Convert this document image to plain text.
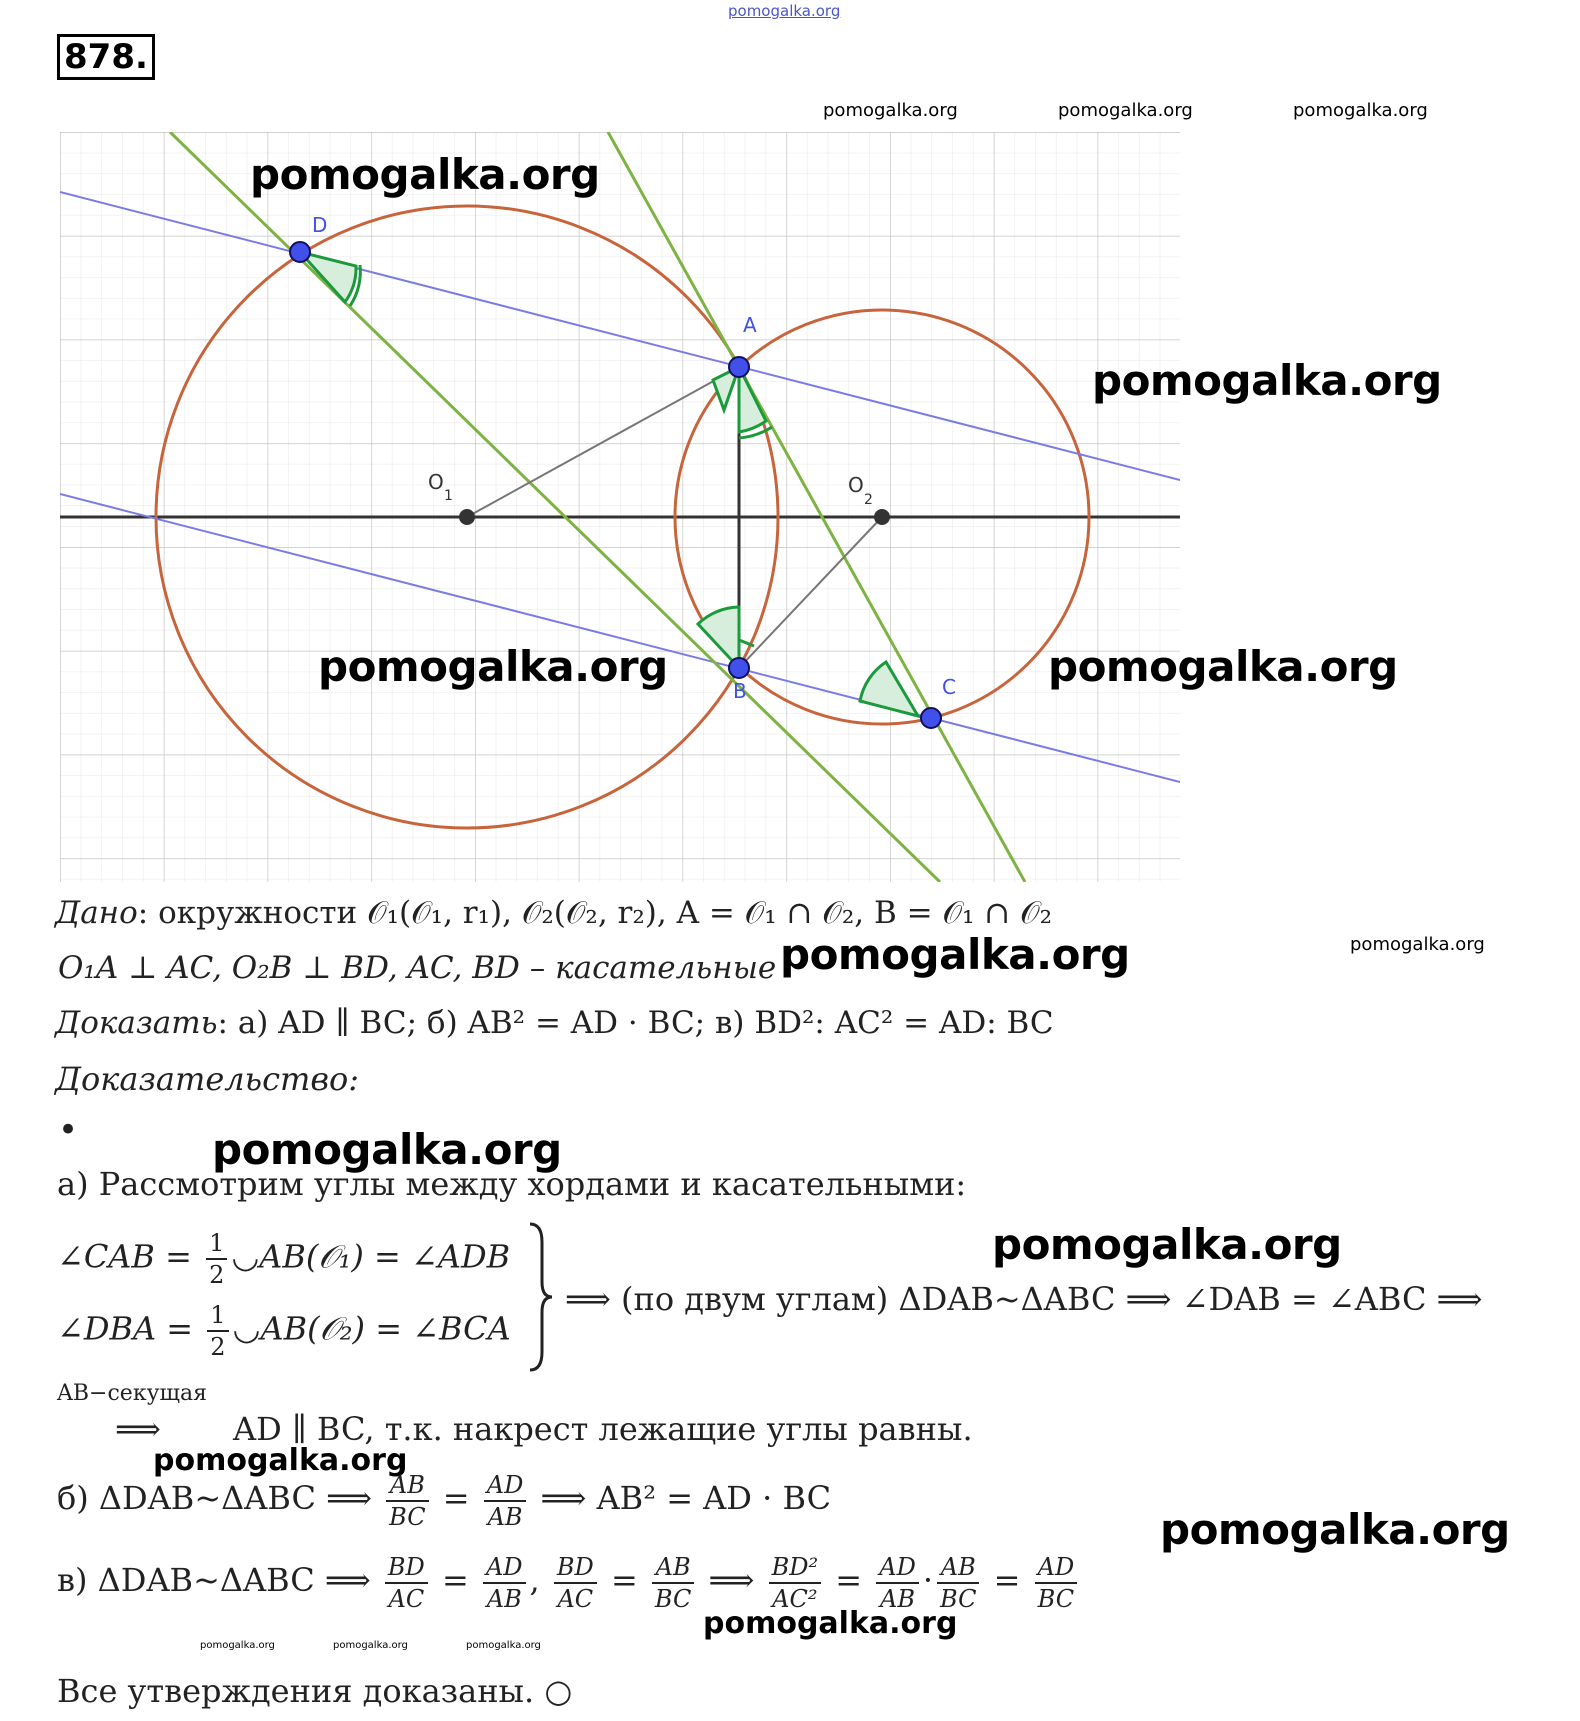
pomogalka.org
878.
pomogalka.org	pomogalka.org	pomogalka.org
D
A
B	C
O
1	O
2
pomogalka.org
pomogalka.org
pomogalka.org	pomogalka.org
Дано: окружности 𝒪₁(𝒪₁, r₁), 𝒪₂(𝒪₂, r₂), A = 𝒪₁ ∩ 𝒪₂, B = 𝒪₁ ∩ 𝒪₂
O₁A ⊥ AC, O₂B ⊥ BD, AC, BD – касательные pomogalka.org	pomogalka.org
Доказать: а) AD ∥ BC; б) AB² = AD · BC; в) BD²: AC² = AD: BC
Доказательство:
•	pomogalka.org
а) Рассмотрим углы между хордами и касательными:
pomogalka.org
∠CAB = $\frac{1}{2}$ ◡AB(𝒪₁) = ∠ADB
∠DBA = $\frac{1}{2}$ ◡AB(𝒪₂) = ∠BCA
⟹ (по двум углам) ΔDAB~ΔABC ⟹ ∠DAB = ∠ABC ⟹
AB−секущая
⟹ AD ∥ BC, т.к. накрест лежащие углы равны.
pomogalka.org
б) ΔDAB~ΔABC ⟹ $\frac{AB}{BC} = \frac{AD}{AB}$ ⟹ AB² = AD · BC
pomogalka.org
в) ΔDAB~ΔABC ⟹ $\frac{BD}{AC} = \frac{AD}{AB}$ , $\frac{BD}{AC} = \frac{AB}{BC}$ ⟹ $\frac{\text{BD²}}{\text{AC²}} = \frac{AD}{AB} \cdot \frac{AB}{BC} = \frac{AD}{BC}$
pomogalka.org
pomogalka.org	pomogalka.org	pomogalka.org
Все утверждения доказаны. ○
